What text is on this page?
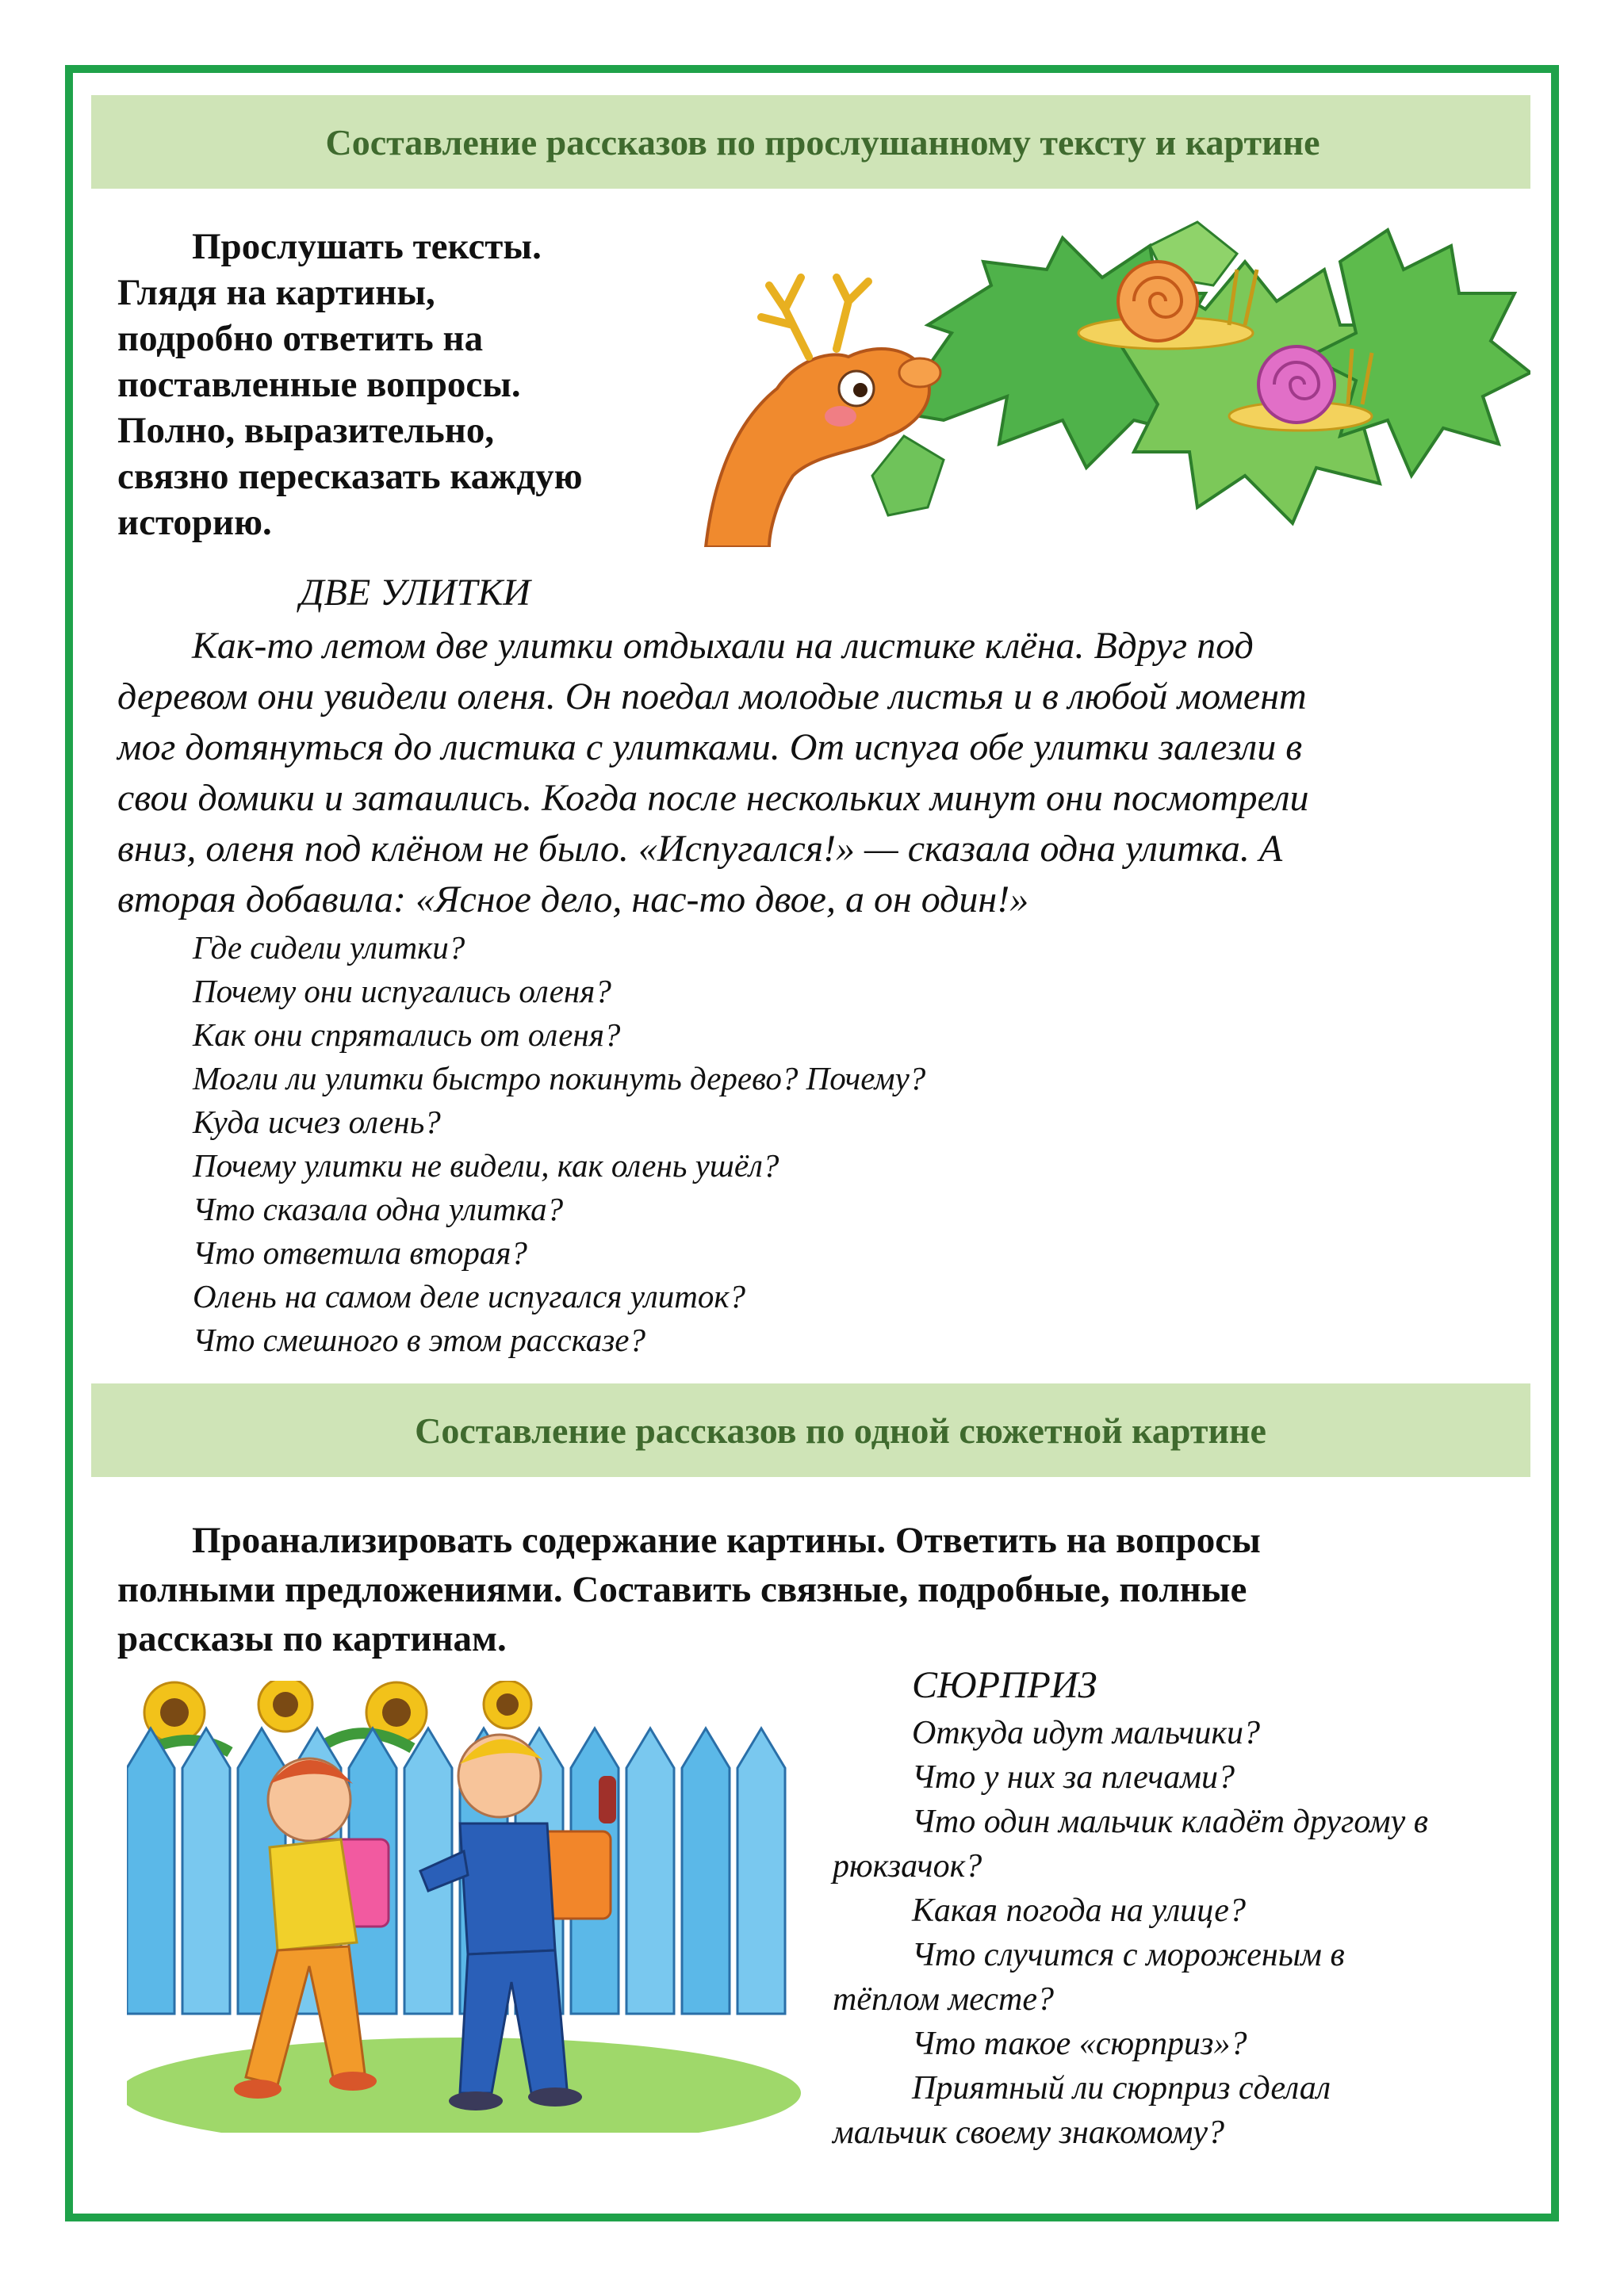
Составление рассказов по прослушанному тексту и картине
Прослушать тексты.
Глядя на картины,
подробно ответить на
поставленные вопросы.
Полно, выразительно,
связно пересказать каждую
историю.
ДВЕ УЛИТКИ
Как-то летом две улитки отдыхали на листике клёна. Вдруг под
деревом они увидели оленя. Он поедал молодые листья и в любой момент
мог дотянуться до листика с улитками. От испуга обе улитки залезли в
свои домики и затаились. Когда после нескольких минут они посмотрели
вниз, оленя под клёном не было. «Испугался!» — сказала одна улитка. А
вторая добавила: «Ясное дело, нас-то двое, а он один!»
Где сидели улитки?
Почему они испугались оленя?
Как они спрятались от оленя?
Могли ли улитки быстро покинуть дерево? Почему?
Куда исчез олень?
Почему улитки не видели, как олень ушёл?
Что сказала одна улитка?
Что ответила вторая?
Олень на самом деле испугался улиток?
Что смешного в этом рассказе?
Составление рассказов по одной сюжетной картине
Проанализировать содержание картины. Ответить на вопросы
полными предложениями. Составить связные, подробные, полные
рассказы по картинам.
СЮРПРИЗ
Откуда идут мальчики?
Что у них за плечами?
Что один мальчик кладёт другому в
рюкзачок?
Какая погода на улице?
Что случится с мороженым в
тёплом месте?
Что такое «сюрприз»?
Приятный ли сюрприз сделал
мальчик своему знакомому?
